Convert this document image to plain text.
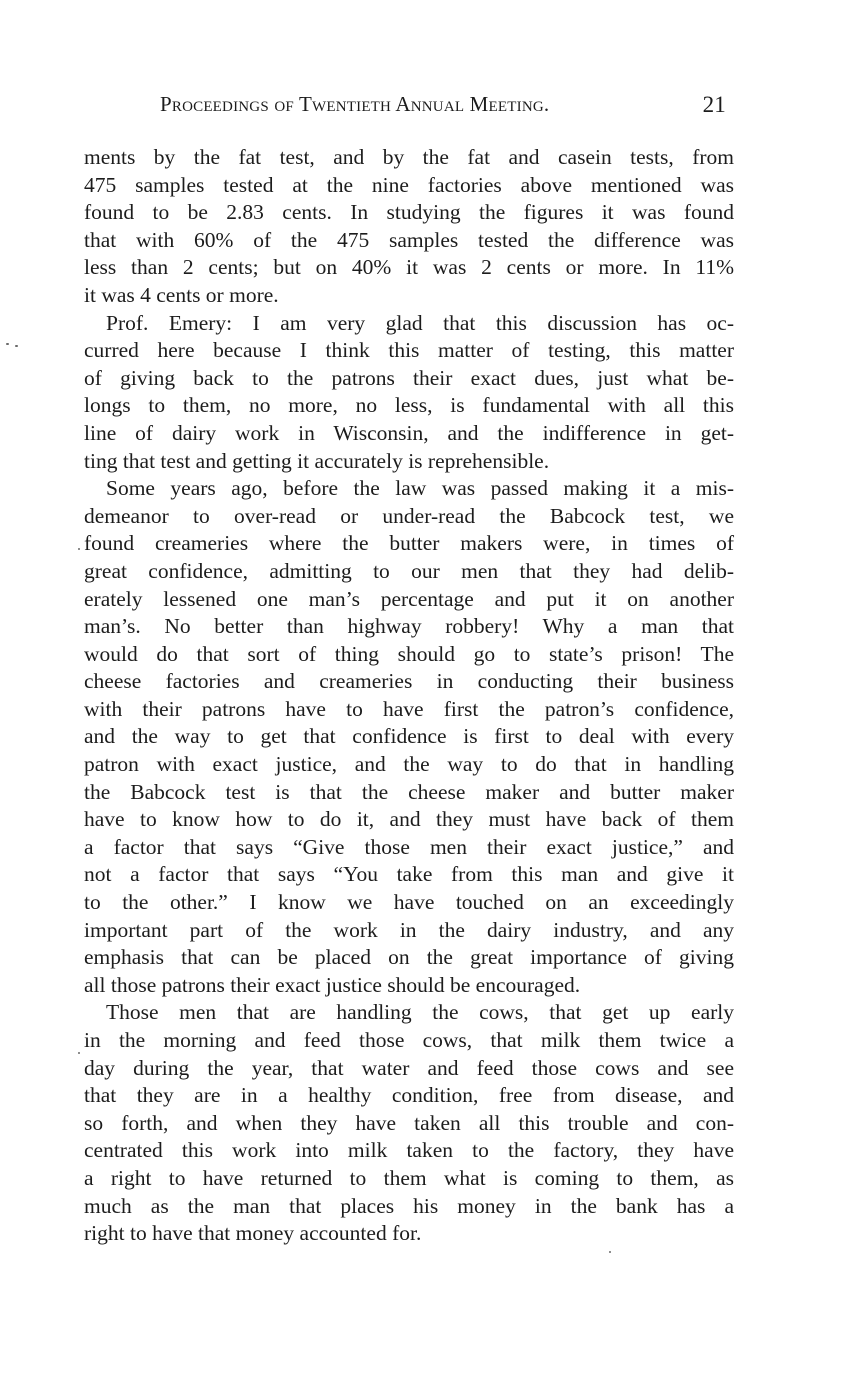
Proceedings of Twentieth Annual Meeting.	21
ments by the fat test, and by the fat and casein tests, from
475 samples tested at the nine factories above mentioned was
found to be 2.83 cents. In studying the figures it was found
that with 60% of the 475 samples tested the difference was
less than 2 cents; but on 40% it was 2 cents or more. In 11%
it was 4 cents or more.
Prof. Emery: I am very glad that this discussion has oc-
curred here because I think this matter of testing, this matter
of giving back to the patrons their exact dues, just what be-
longs to them, no more, no less, is fundamental with all this
line of dairy work in Wisconsin, and the indifference in get-
ting that test and getting it accurately is reprehensible.
Some years ago, before the law was passed making it a mis-
demeanor to over-read or under-read the Babcock test, we
found creameries where the butter makers were, in times of
great confidence, admitting to our men that they had delib-
erately lessened one man’s percentage and put it on another
man’s. No better than highway robbery! Why a man that
would do that sort of thing should go to state’s prison! The
cheese factories and creameries in conducting their business
with their patrons have to have first the patron’s confidence,
and the way to get that confidence is first to deal with every
patron with exact justice, and the way to do that in handling
the Babcock test is that the cheese maker and butter maker
have to know how to do it, and they must have back of them
a factor that says “Give those men their exact justice,” and
not a factor that says “You take from this man and give it
to the other.” I know we have touched on an exceedingly
important part of the work in the dairy industry, and any
emphasis that can be placed on the great importance of giving
all those patrons their exact justice should be encouraged.
Those men that are handling the cows, that get up early
in the morning and feed those cows, that milk them twice a
day during the year, that water and feed those cows and see
that they are in a healthy condition, free from disease, and
so forth, and when they have taken all this trouble and con-
centrated this work into milk taken to the factory, they have
a right to have returned to them what is coming to them, as
much as the man that places his money in the bank has a
right to have that money accounted for.
